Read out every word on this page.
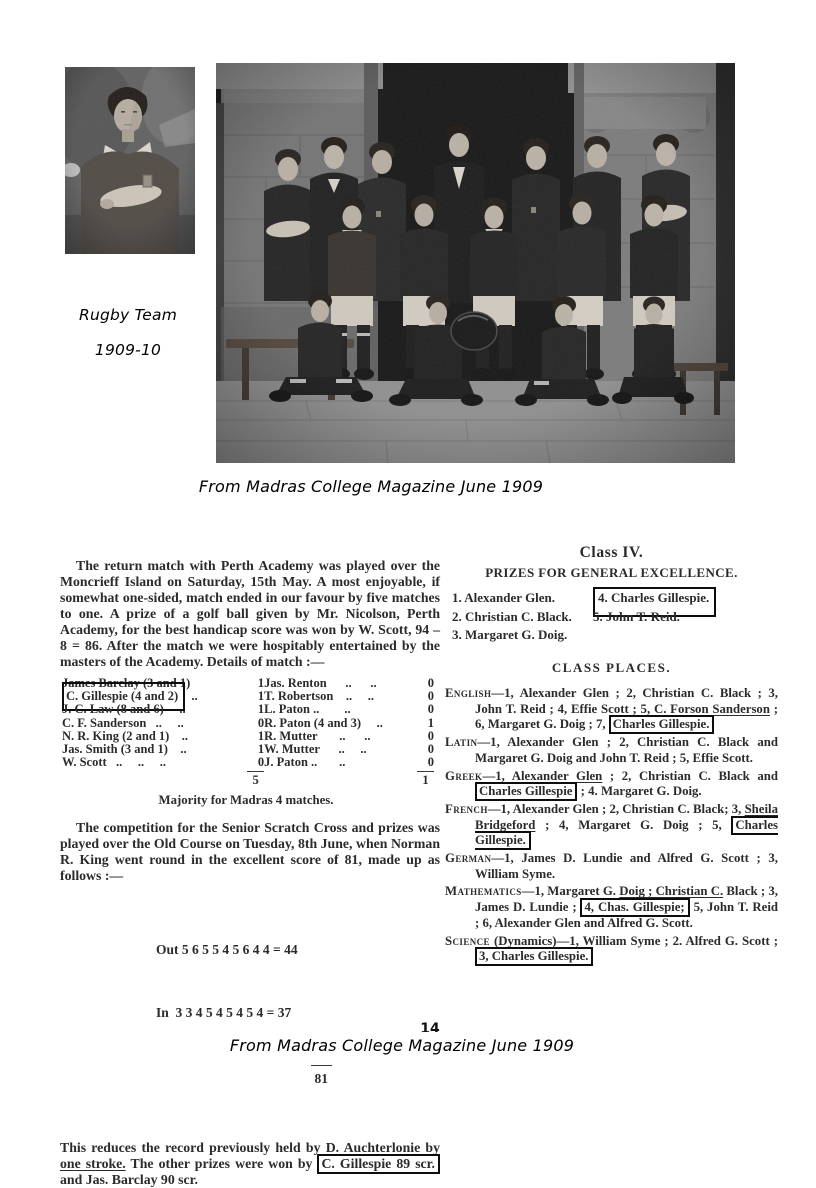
Rugby Team
1909-10
From Madras College Magazine June 1909

The return match with Perth Academy was played over the Moncrieff Island on Saturday, 15th May. A most enjoyable, if somewhat one-sided, match ended in our favour by five matches to one. A prize of a golf ball given by Mr. Nicolson, Perth Academy, for the best handicap score was won by W. Scott, 94 – 8 = 86. After the match we were hospitably entertained by the masters of the Academy. Details of match :—

James Barclay (3 and 1)	1	Jas. Renton      ..      ..	0
C. Gillespie (4 and 2)  ..	1	T. Robertson    ..     ..	0
J. C. Law (8 and 6)     ..	1	L. Paton ..        ..	0
C. F. Sanderson   ..     ..	0	R. Paton (4 and 3)     ..	1
N. R. King (2 and 1)    ..	1	R. Mutter       ..      ..	0
Jas. Smith (3 and 1)    ..	1	W. Mutter      ..     ..	0
W. Scott   ..     ..     ..	0	J. Paton ..       ..	0
	5		1

Majority for Madras 4 matches.

The competition for the Senior Scratch Cross and prizes was played over the Old Course on Tuesday, 8th June, when Norman R. King went round in the excellent score of 81, made up as follows :—

Out 5 6 5 5 4 5 6 4 4 = 44

In  3 3 4 5 4 5 4 5 4 = 37

81

This reduces the record previously held by D. Auchterlonie by one stroke. The other prizes were won by C. Gillespie 89 scr. and Jas. Barclay 90 scr.

Class IV.

PRIZES FOR GENERAL EXCELLENCE.

1. Alexander Glen.
2. Christian C. Black.
3. Margaret G. Doig.
4. Charles Gillespie.
5. John T. Reid.

CLASS PLACES.

English—1, Alexander Glen ; 2, Christian C. Black ; 3, John T. Reid ; 4, Effie Scott ; 5, C. Forson Sanderson ; 6, Margaret G. Doig ; 7, Charles Gillespie.

Latin—1, Alexander Glen ; 2, Christian C. Black and Margaret G. Doig and John T. Reid ; 5, Effie Scott.

Greek—1, Alexander Glen ; 2, Christian C. Black and Charles Gillespie ; 4. Margaret G. Doig.

French—1, Alexander Glen ; 2, Christian C. Black; 3, Sheila Bridgeford ; 4, Margaret G. Doig ; 5, Charles Gillespie.

German—1, James D. Lundie and Alfred G. Scott ; 3, William Syme.

Mathematics—1, Margaret G. Doig ; Christian C. Black ; 3, James D. Lundie ; 4, Chas. Gillespie; 5, John T. Reid ; 6, Alexander Glen and Alfred G. Scott.

Science (Dynamics)—1, William Syme ; 2. Alfred G. Scott ; 3, Charles Gillespie.

14
From Madras College Magazine June 1909
